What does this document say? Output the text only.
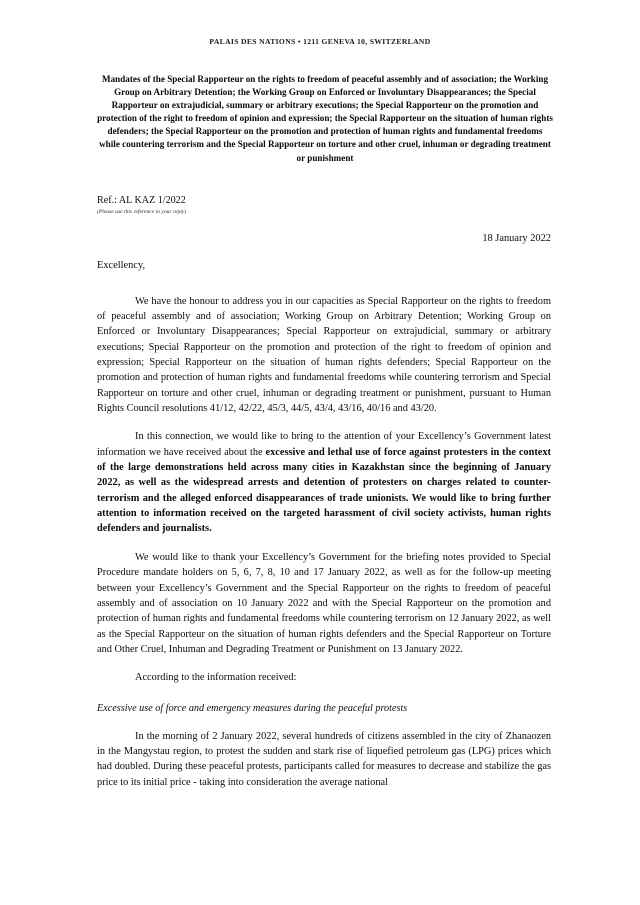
PALAIS DES NATIONS • 1211 GENEVA 10, SWITZERLAND
Mandates of the Special Rapporteur on the rights to freedom of peaceful assembly and of association; the Working Group on Arbitrary Detention; the Working Group on Enforced or Involuntary Disappearances; the Special Rapporteur on extrajudicial, summary or arbitrary executions; the Special Rapporteur on the promotion and protection of the right to freedom of opinion and expression; the Special Rapporteur on the situation of human rights defenders; the Special Rapporteur on the promotion and protection of human rights and fundamental freedoms while countering terrorism and the Special Rapporteur on torture and other cruel, inhuman or degrading treatment or punishment
Ref.: AL KAZ 1/2022
(Please use this reference in your reply)
18 January 2022
Excellency,

We have the honour to address you in our capacities as Special Rapporteur on the rights to freedom of peaceful assembly and of association; Working Group on Arbitrary Detention; Working Group on Enforced or Involuntary Disappearances; Special Rapporteur on extrajudicial, summary or arbitrary executions; Special Rapporteur on the promotion and protection of the right to freedom of opinion and expression; Special Rapporteur on the situation of human rights defenders; Special Rapporteur on the promotion and protection of human rights and fundamental freedoms while countering terrorism and Special Rapporteur on torture and other cruel, inhuman or degrading treatment or punishment, pursuant to Human Rights Council resolutions 41/12, 42/22, 45/3, 44/5, 43/4, 43/16, 40/16 and 43/20.

In this connection, we would like to bring to the attention of your Excellency’s Government latest information we have received about the excessive and lethal use of force against protesters in the context of the large demonstrations held across many cities in Kazakhstan since the beginning of January 2022, as well as the widespread arrests and detention of protesters on charges related to counter-terrorism and the alleged enforced disappearances of trade unionists. We would like to bring further attention to information received on the targeted harassment of civil society activists, human rights defenders and journalists.

We would like to thank your Excellency’s Government for the briefing notes provided to Special Procedure mandate holders on 5, 6, 7, 8, 10 and 17 January 2022, as well as for the follow-up meeting between your Excellency’s Government and the Special Rapporteur on the rights to freedom of peaceful assembly and of association on 10 January 2022 and with the Special Rapporteur on the promotion and protection of human rights and fundamental freedoms while countering terrorism on 12 January 2022, as well as the Special Rapporteur on the situation of human rights defenders and the Special Rapporteur on Torture and Other Cruel, Inhuman and Degrading Treatment or Punishment on 13 January 2022.

According to the information received:

Excessive use of force and emergency measures during the peaceful protests

In the morning of 2 January 2022, several hundreds of citizens assembled in the city of Zhanaozen in the Mangystau region, to protest the sudden and stark rise of liquefied petroleum gas (LPG) prices which had doubled. During these peaceful protests, participants called for measures to decrease and stabilize the gas price to its initial price - taking into consideration the average national
